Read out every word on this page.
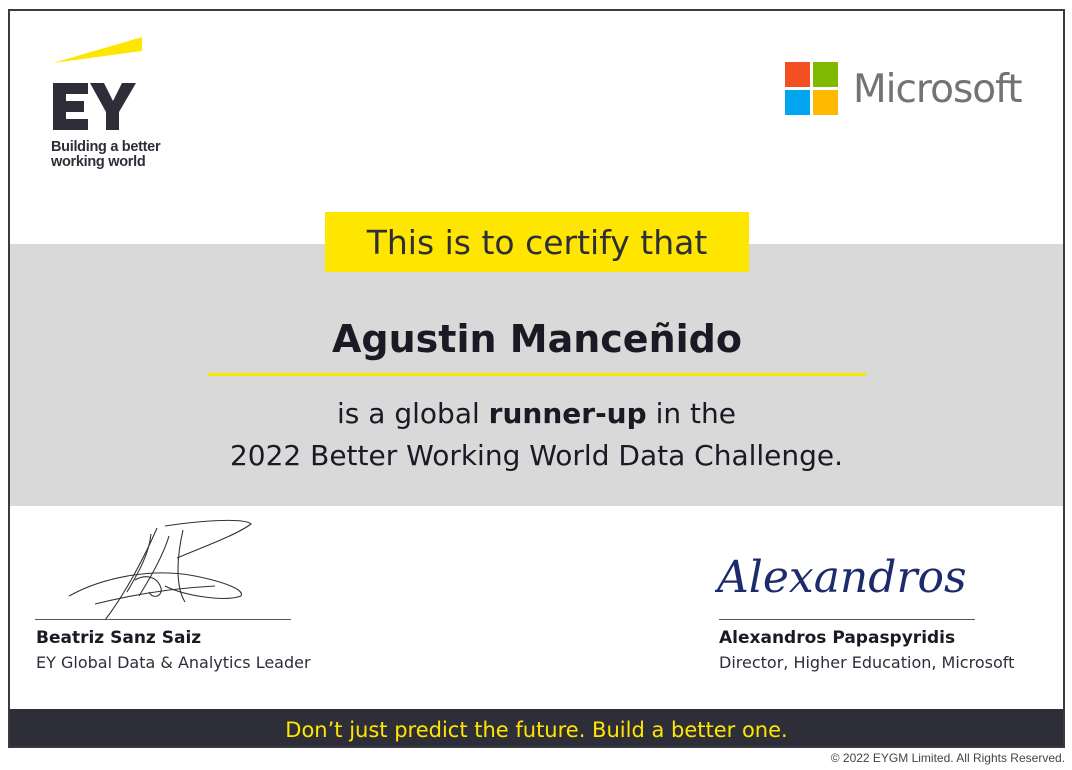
Building a better
working world
Microsoft
This is to certify that
Agustin Manceñido
is a global runner-up in the
2022 Better Working World Data Challenge.
Beatriz Sanz Saiz
EY Global Data & Analytics Leader
Alexandros
Alexandros Papaspyridis
Director, Higher Education, Microsoft
Don’t just predict the future. Build a better one.
© 2022 EYGM Limited. All Rights Reserved.
